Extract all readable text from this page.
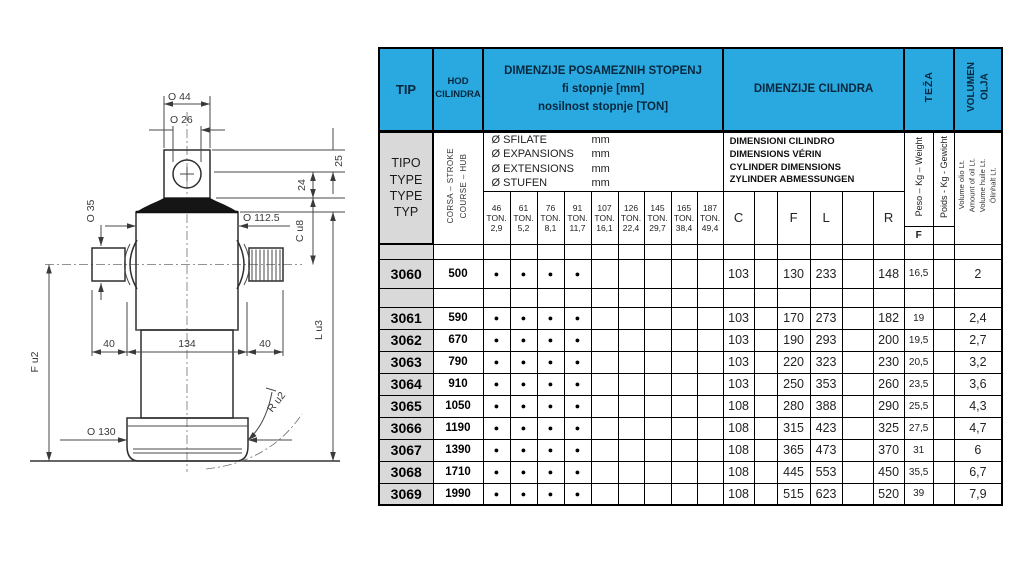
O 44
O 26
O 35	O 112.5
25
24
C u8
L u3
F u2
40	134	40
O 130
R u2
TIP	HOD
CILINDRA

DIMENZIJE POSAMEZNIH STOPENJ
fi stopnje [mm]
nosilnost stopnje [TON]
	DIMENZIJE CILINDRA	TEŽA	VOLUMEN OLJA

TIPO
TYPE
TYPE
TYP	CORSA – STROKE COURSE – HUB

Ø SFILATE	mm
Ø EXPANSIONS mm
Ø EXTENSIONS mm
Ø STUFEN	mm

DIMENSIONI CILINDRO
DIMENSIONS VÉRIN
CYLINDER DIMENSIONS
ZYLINDER ABMESSUNGEN	Peso – Kg – Weight	Poids - Kg - Gewicht	Volume olio Lt. Amount of oil Lt. Volume huile Lt. Ölinhalt Lt.

46
TON.
2,9

61
TON.
5,2

76
TON.
8,1

91
TON.
11,7

107
TON.
16,1

126
TON.
22,4

145
TON.
29,7

165
TON.
38,4

187
TON.
49,4
	C		F	L		R
																	F		

3060	500	●	●	●	●						103		130	233		148	16,5		2

3061	590	●	●	●	●						103		170	273		182	19		2,4
3062	670	●	●	●	●						103		190	293		200	19,5		2,7
3063	790	●	●	●	●						103		220	323		230	20,5		3,2
3064	910	●	●	●	●						103		250	353		260	23,5		3,6
3065	1050	●	●	●	●						108		280	388		290	25,5		4,3
3066	1190	●	●	●	●						108		315	423		325	27,5		4,7
3067	1390	●	●	●	●						108		365	473		370	31		6
3068	1710	●	●	●	●						108		445	553		450	35,5		6,7
3069	1990	●	●	●	●						108		515	623		520	39		7,9
